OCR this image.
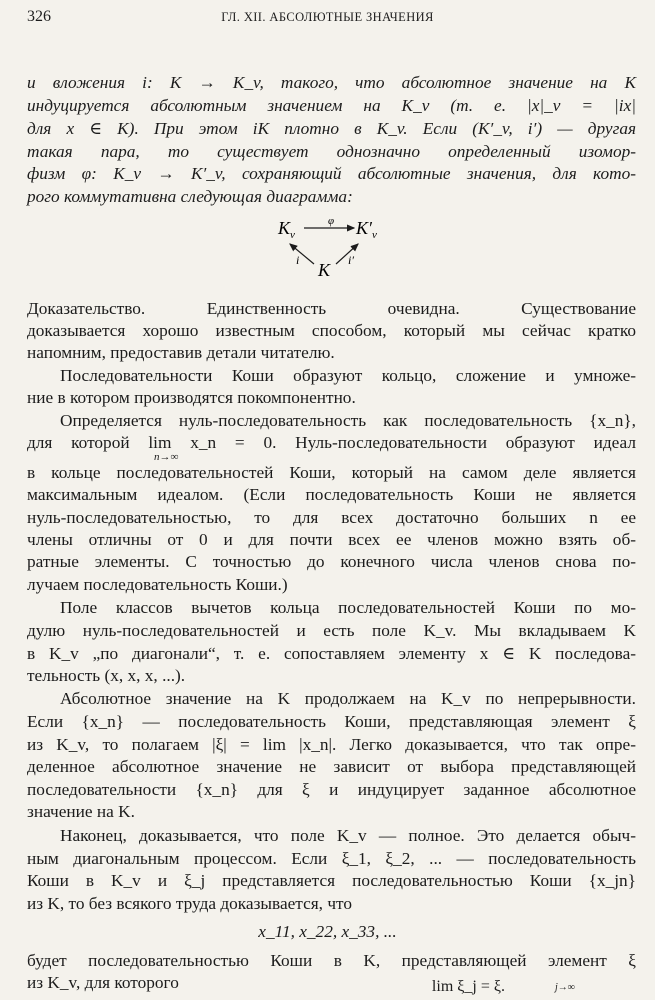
326	ГЛ. XII. АБСОЛЮТНЫЕ ЗНАЧЕНИЯ
и вложения i: K → K_v, такого, что абсолютное значение на K
индуцируется абсолютным значением на K_v (т. е. |x|_v = |ix|
для x ∈ K). При этом iK плотно в K_v. Если (K′_v, i′) — другая
такая пара, то существует однозначно определенный изомор-
физм φ: K_v → K′_v, сохраняющий абсолютные значения, для кото-
рого коммутативна следующая диаграмма:
$K_v$	$K'_v$
K
φ
i	i′
Доказательство. Единственность очевидна. Существование
доказывается хорошо известным способом, который мы сейчас кратко
напомним, предоставив детали читателю.
Последовательности Коши образуют кольцо, сложение и умноже-
ние в котором производятся покомпонентно.
Определяется нуль-последовательность как последовательность {x_n},
для которой lim x_n = 0. Нуль-последовательности образуют идеал
n→∞
в кольце последовательностей Коши, который на самом деле является
максимальным идеалом. (Если последовательность Коши не является
нуль-последовательностью, то для всех достаточно больших n ее
члены отличны от 0 и для почти всех ее членов можно взять об-
ратные элементы. С точностью до конечного числа членов снова по-
лучаем последовательность Коши.)
Поле классов вычетов кольца последовательностей Коши по мо-
дулю нуль-последовательностей и есть поле K_v. Мы вкладываем K
в K_v „по диагонали“, т. е. сопоставляем элементу x ∈ K последова-
тельность (x, x, x, ...).
Абсолютное значение на K продолжаем на K_v по непрерывности.
Если {x_n} — последовательность Коши, представляющая элемент ξ
из K_v, то полагаем |ξ| = lim |x_n|. Легко доказывается, что так опре-
деленное абсолютное значение не зависит от выбора представляющей
последовательности {x_n} для ξ и индуцирует заданное абсолютное
значение на K.
Наконец, доказывается, что поле K_v — полное. Это делается обыч-
ным диагональным процессом. Если ξ_1, ξ_2, ... — последовательность
Коши в K_v и ξ_j представляется последовательностью Коши {x_jn}
из K, то без всякого труда доказывается, что
x_11, x_22, x_33, ...
будет последовательностью Коши в K, представляющей элемент ξ
из K_v, для которого	lim ξ_j = ξ.	j→∞
